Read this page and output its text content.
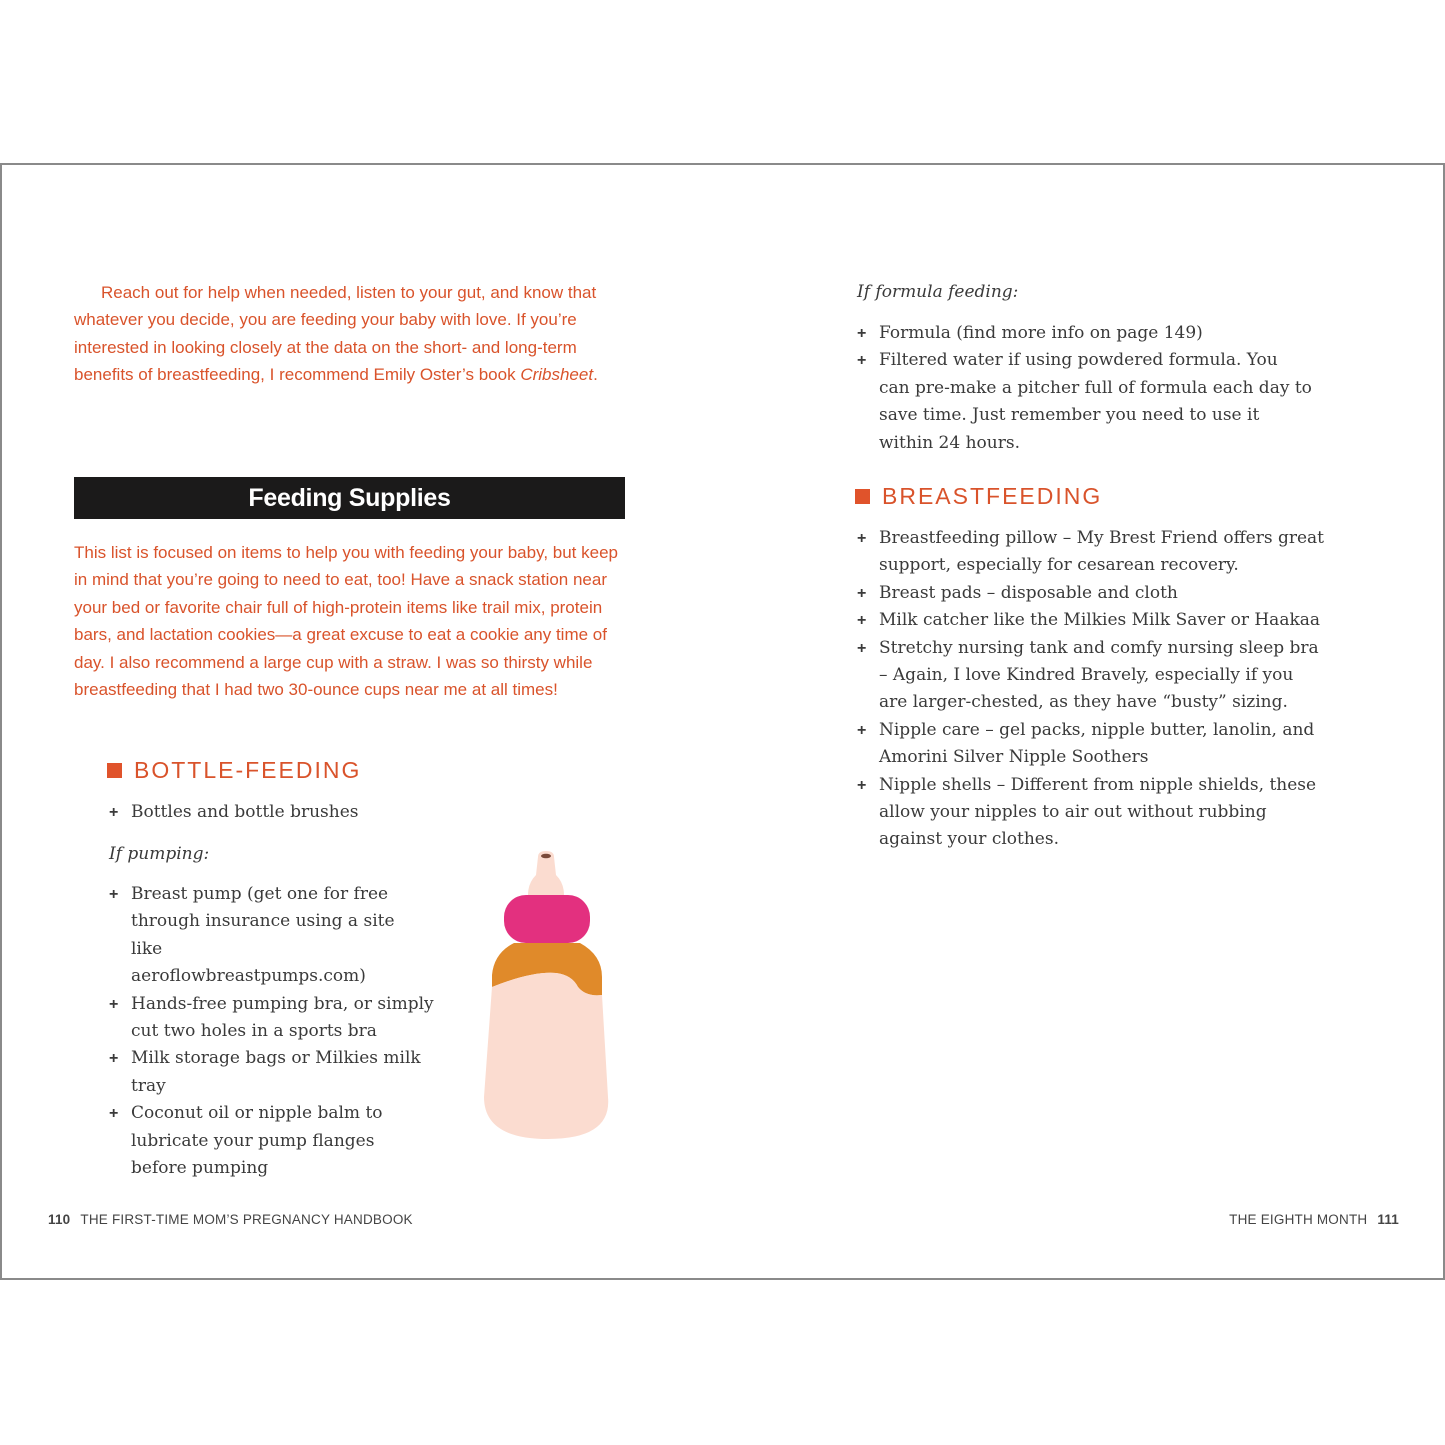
Reach out for help when needed, listen to your gut, and know that whatever you decide, you are feeding your baby with love. If you’re interested in looking closely at the data on the short- and long-term benefits of breastfeeding, I recommend Emily Oster’s book Cribsheet.

Feeding Supplies

This list is focused on items to help you with feeding your baby, but keep in mind that you’re going to need to eat, too! Have a snack station near your bed or favorite chair full of high-protein items like trail mix, protein bars, and lactation cookies—a great excuse to eat a cookie any time of day. I also recommend a large cup with a straw. I was so thirsty while breastfeeding that I had two 30-ounce cups near me at all times!

BOTTLE-FEEDING
+ Bottles and bottle brushes

If pumping:

+ Breast pump (get one for free through insurance using a site like aeroflowbreastpumps.com)
+ Hands-free pumping bra, or simply cut two holes in a sports bra
+ Milk storage bags or Milkies milk tray
+ Coconut oil or nipple balm to lubricate your pump flanges before pumping
110 THE FIRST-TIME MOM’S PREGNANCY HANDBOOK

If formula feeding:

+ Formula (find more info on page 149)
+ Filtered water if using powdered formula. You can pre-make a pitcher full of formula each day to save time. Just remember you need to use it within 24 hours.
BREASTFEEDING
+ Breastfeeding pillow – My Brest Friend offers great support, especially for cesarean recovery.
+ Breast pads – disposable and cloth
+ Milk catcher like the Milkies Milk Saver or Haakaa
+ Stretchy nursing tank and comfy nursing sleep bra – Again, I love Kindred Bravely, especially if you are larger-chested, as they have “busty” sizing.
+ Nipple care – gel packs, nipple butter, lanolin, and Amorini Silver Nipple Soothers
+ Nipple shells – Different from nipple shields, these allow your nipples to air out without rubbing against your clothes.
THE EIGHTH MONTH 111
